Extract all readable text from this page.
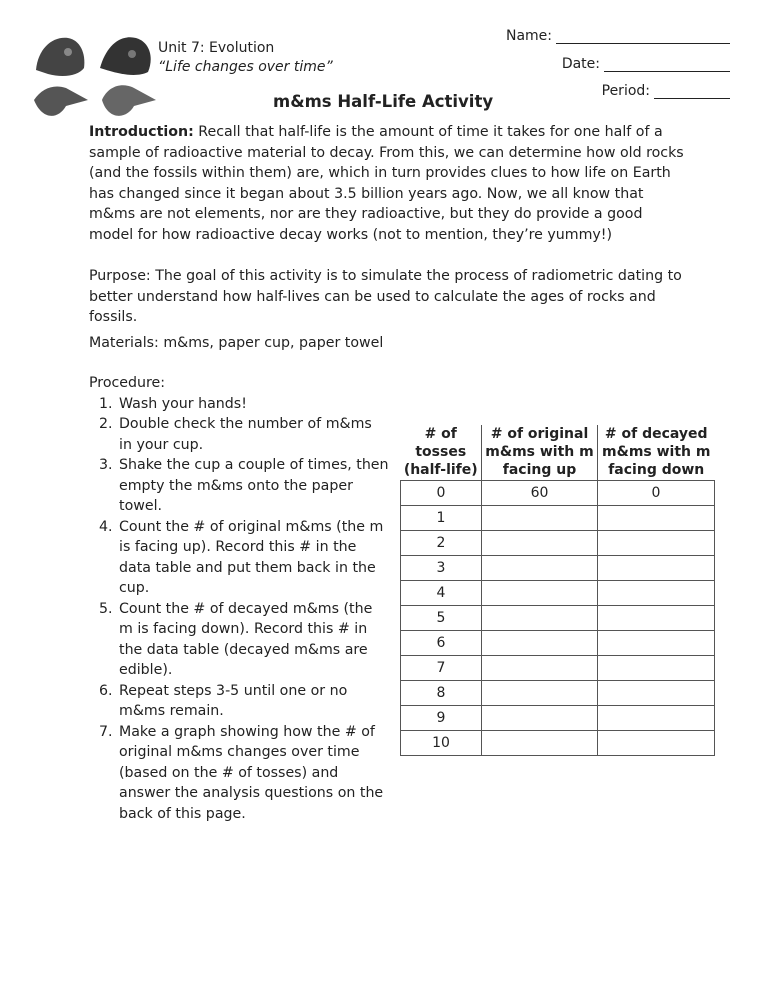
Unit 7: Evolution
“Life changes over time”
Name:
Date:
Period:
m&ms Half-Life Activity
Introduction: Recall that half-life is the amount of time it takes for one half of a sample of radioactive material to decay. From this, we can determine how old rocks (and the fossils within them) are, which in turn provides clues to how life on Earth has changed since it began about 3.5 billion years ago. Now, we all know that m&ms are not elements, nor are they radioactive, but they do provide a good model for how radioactive decay works (not to mention, they’re yummy!)
Purpose: The goal of this activity is to simulate the process of radiometric dating to better understand how half-lives can be used to calculate the ages of rocks and fossils.
Materials: m&ms, paper cup, paper towel
Procedure:
1. Wash your hands!
2. Double check the number of m&ms in your cup.
3. Shake the cup a couple of times, then empty the m&ms onto the paper towel.
4. Count the # of original m&ms (the m is facing up). Record this # in the data table and put them back in the cup.
5. Count the # of decayed m&ms (the m is facing down). Record this # in the data table (decayed m&ms are edible).
6. Repeat steps 3-5 until one or no m&ms remain.
7. Make a graph showing how the # of original m&ms changes over time (based on the # of tosses) and answer the analysis questions on the back of this page.
# of tosses (half-life)	# of original m&ms with m facing up	# of decayed m&ms with m facing down
0	60	0
1		
2		
3		
4		
5		
6		
7		
8		
9		
10		
